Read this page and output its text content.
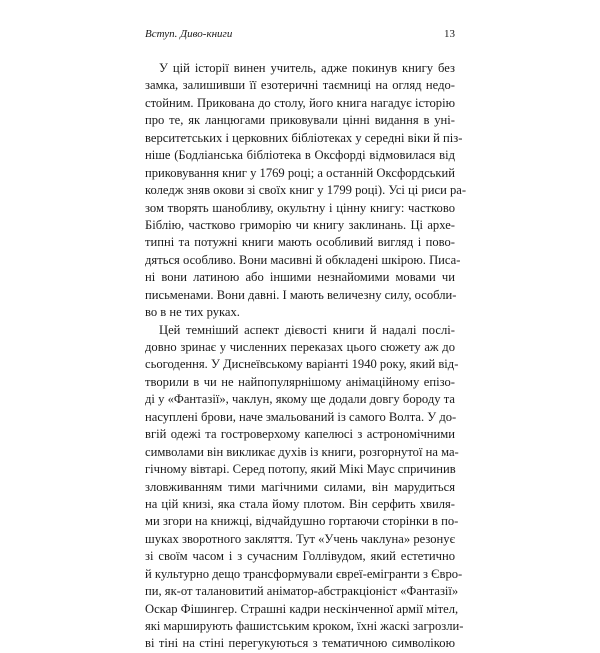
Вступ. Диво-книги	13
У цій історії винен учитель, адже покинув книгу без
замка, залишивши її езотеричні таємниці на огляд недо-
стойним. Прикована до столу, його книга нагадує історію
про те, як ланцюгами приковували цінні видання в уні-
верситетських і церковних бібліотеках у середні віки й пiз-
ніше (Бодліанська бібліотека в Оксфорді відмовилася від
приковування книг у 1769 році; а останній Оксфордський
коледж зняв окови зі своїх книг у 1799 році). Усі ці риси ра-
зом творять шанобливу, окультну і цінну книгу: частково
Біблію, частково гриморію чи книгу заклинань. Ці архе-
типні та потужні книги мають особливий вигляд і пово-
дяться особливо. Вони масивні й обкладені шкірою. Писа-
ні вони латиною або іншими незнайомими мовами чи
письменами. Вони давні. І мають величезну силу, особли-
во в не тих руках.
Цей темніший аспект дієвості книги й надалі послі-
довно зринає у численних переказах цього сюжету аж до
сьогодення. У Диснеївському варіанті 1940 року, який від-
творили в чи не найпопулярнішому анімаційному епізо-
ді у «Фантазії», чаклун, якому ще додали довгу бороду та
насуплені брови, наче змальований із самого Волта. У до-
вгій одежі та гостроверхому капелюсі з астрономічними
символами він викликає духів із книги, розгорнутої на ма-
гічному вівтарі. Серед потопу, який Мікі Маус спричинив
зловживанням тими магічними силами, він марудиться
на цій книзі, яка стала йому плотом. Він серфить хвиля-
ми згори на книжці, відчайдушно гортаючи сторінки в по-
шуках зворотного закляття. Тут «Учень чаклуна» резонує
зі своїм часом і з сучасним Голлівудом, який естетично
й культурно дещо трансформували євреї-емігранти з Євро-
пи, як-от талановитий аніматор-абстракціоніст «Фантазії»
Оскар Фішингер. Страшні кадри нескінченної армії мітел,
які марширують фашистським кроком, їхні жаскі загрозли-
ві тіні на стіні перегукуються з тематичною символікою
